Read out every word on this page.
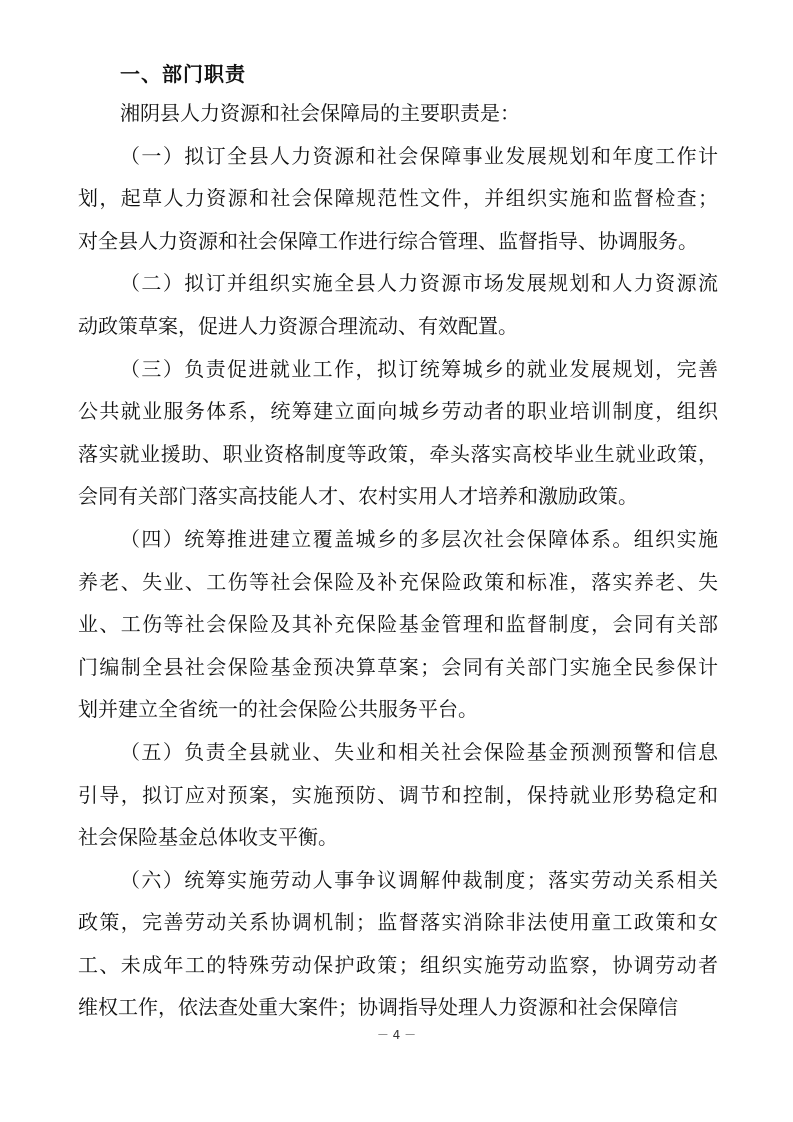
一、部门职责
湘阴县人力资源和社会保障局的主要职责是：
（一）拟订全县人力资源和社会保障事业发展规划和年度工作计
划，起草人力资源和社会保障规范性文件，并组织实施和监督检查；
对全县人力资源和社会保障工作进行综合管理、监督指导、协调服务。
（二）拟订并组织实施全县人力资源市场发展规划和人力资源流
动政策草案，促进人力资源合理流动、有效配置。
（三）负责促进就业工作，拟订统筹城乡的就业发展规划，完善
公共就业服务体系，统筹建立面向城乡劳动者的职业培训制度，组织
落实就业援助、职业资格制度等政策，牵头落实高校毕业生就业政策，
会同有关部门落实高技能人才、农村实用人才培养和激励政策。
（四）统筹推进建立覆盖城乡的多层次社会保障体系。组织实施
养老、失业、工伤等社会保险及补充保险政策和标准，落实养老、失
业、工伤等社会保险及其补充保险基金管理和监督制度，会同有关部
门编制全县社会保险基金预决算草案；会同有关部门实施全民参保计
划并建立全省统一的社会保险公共服务平台。
（五）负责全县就业、失业和相关社会保险基金预测预警和信息
引导，拟订应对预案，实施预防、调节和控制，保持就业形势稳定和
社会保险基金总体收支平衡。
（六）统筹实施劳动人事争议调解仲裁制度；落实劳动关系相关
政策，完善劳动关系协调机制；监督落实消除非法使用童工政策和女
工、未成年工的特殊劳动保护政策；组织实施劳动监察，协调劳动者
维权工作，依法查处重大案件；协调指导处理人力资源和社会保障信
－ 4 －
